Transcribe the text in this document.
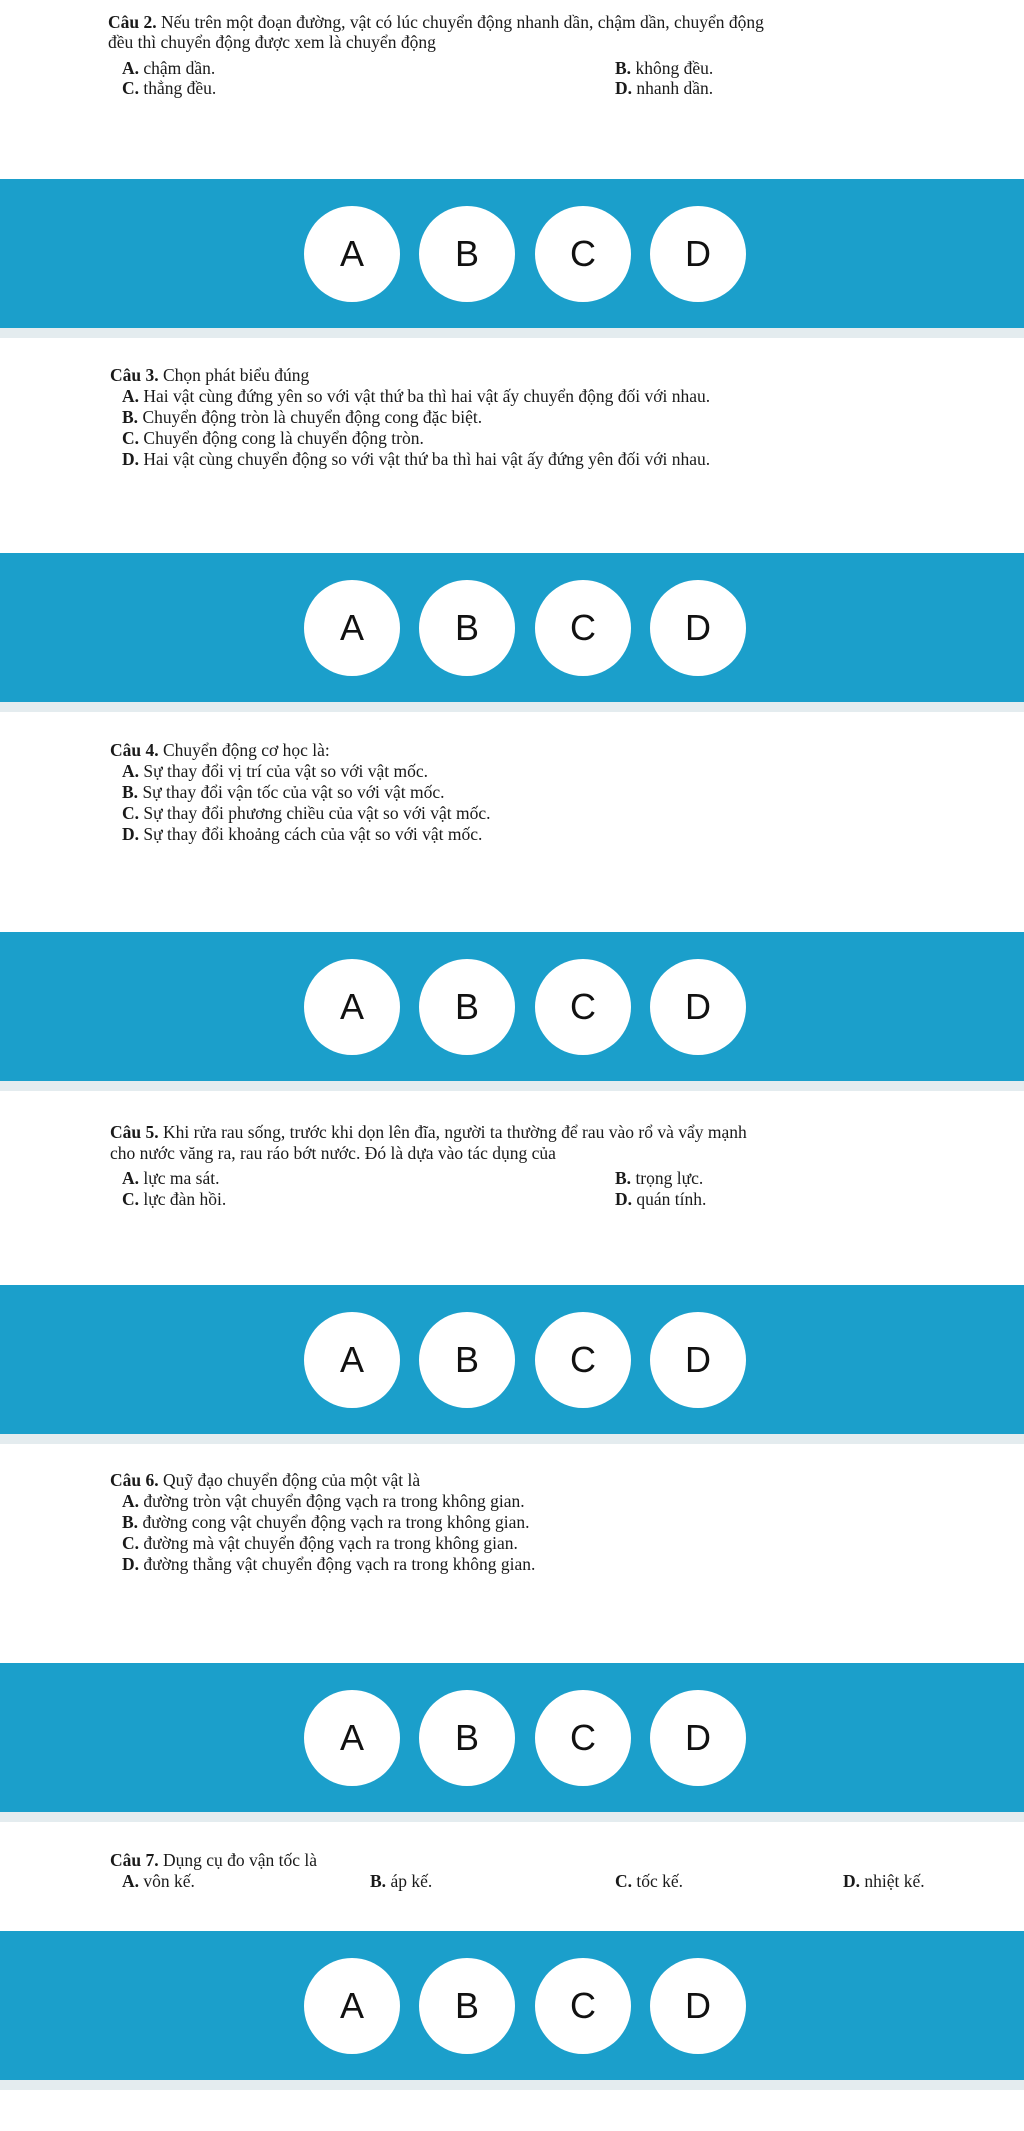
Câu 2. Nếu trên một đoạn đường, vật có lúc chuyển động nhanh dần, chậm dần, chuyển động
đều thì chuyển động được xem là chuyển động
A. chậm dần.	B. không đều.
C. thẳng đều.	D. nhanh dần.
A	B	C	D
Câu 3. Chọn phát biểu đúng
A. Hai vật cùng đứng yên so với vật thứ ba thì hai vật ấy chuyển động đối với nhau.
B. Chuyển động tròn là chuyển động cong đặc biệt.
C. Chuyển động cong là chuyển động tròn.
D. Hai vật cùng chuyển động so với vật thứ ba thì hai vật ấy đứng yên đối với nhau.
A	B	C	D
Câu 4. Chuyển động cơ học là:
A. Sự thay đổi vị trí của vật so với vật mốc.
B. Sự thay đổi vận tốc của vật so với vật mốc.
C. Sự thay đổi phương chiều của vật so với vật mốc.
D. Sự thay đổi khoảng cách của vật so với vật mốc.
A	B	C	D
Câu 5. Khi rửa rau sống, trước khi dọn lên đĩa, người ta thường để rau vào rổ và vẩy mạnh
cho nước văng ra, rau ráo bớt nước. Đó là dựa vào tác dụng của
A. lực ma sát.	B. trọng lực.
C. lực đàn hồi.	D. quán tính.
A	B	C	D
Câu 6. Quỹ đạo chuyển động của một vật là
A. đường tròn vật chuyển động vạch ra trong không gian.
B. đường cong vật chuyển động vạch ra trong không gian.
C. đường mà vật chuyển động vạch ra trong không gian.
D. đường thẳng vật chuyển động vạch ra trong không gian.
A	B	C	D
Câu 7. Dụng cụ đo vận tốc là
A. vôn kế.	B. áp kế.	C. tốc kế.	D. nhiệt kế.
A	B	C	D
